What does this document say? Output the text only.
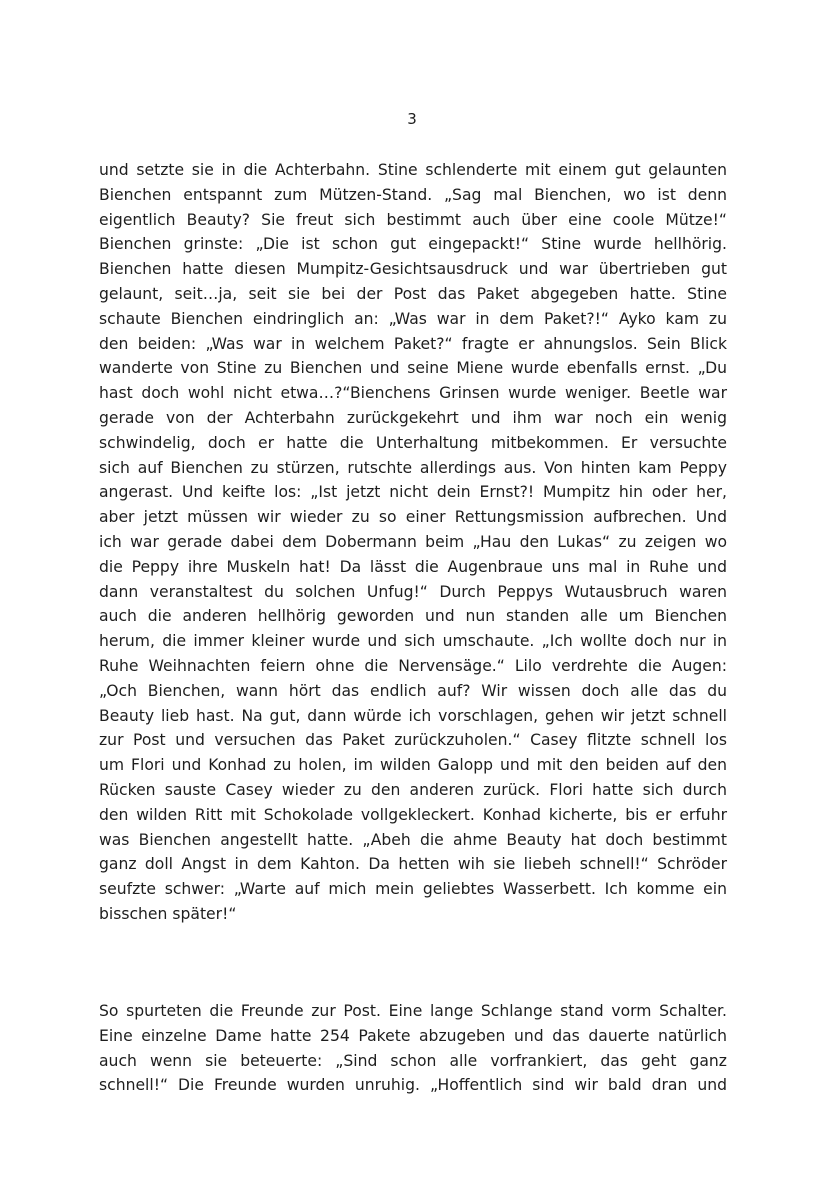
3
und setzte sie in die Achterbahn. Stine schlenderte mit einem gut gelaunten
Bienchen entspannt zum Mützen-Stand. „Sag mal Bienchen, wo ist denn
eigentlich Beauty? Sie freut sich bestimmt auch über eine coole Mütze!“
Bienchen grinste: „Die ist schon gut eingepackt!“ Stine wurde hellhörig.
Bienchen hatte diesen Mumpitz-Gesichtsausdruck und war übertrieben gut
gelaunt, seit…ja, seit sie bei der Post das Paket abgegeben hatte. Stine
schaute Bienchen eindringlich an: „Was war in dem Paket?!“ Ayko kam zu
den beiden: „Was war in welchem Paket?“ fragte er ahnungslos. Sein Blick
wanderte von Stine zu Bienchen und seine Miene wurde ebenfalls ernst. „Du
hast doch wohl nicht etwa…?“Bienchens Grinsen wurde weniger. Beetle war
gerade von der Achterbahn zurückgekehrt und ihm war noch ein wenig
schwindelig, doch er hatte die Unterhaltung mitbekommen. Er versuchte
sich auf Bienchen zu stürzen, rutschte allerdings aus. Von hinten kam Peppy
angerast. Und keifte los: „Ist jetzt nicht dein Ernst?! Mumpitz hin oder her,
aber jetzt müssen wir wieder zu so einer Rettungsmission aufbrechen. Und
ich war gerade dabei dem Dobermann beim „Hau den Lukas“ zu zeigen wo
die Peppy ihre Muskeln hat! Da lässt die Augenbraue uns mal in Ruhe und
dann veranstaltest du solchen Unfug!“ Durch Peppys Wutausbruch waren
auch die anderen hellhörig geworden und nun standen alle um Bienchen
herum, die immer kleiner wurde und sich umschaute. „Ich wollte doch nur in
Ruhe Weihnachten feiern ohne die Nervensäge.“ Lilo verdrehte die Augen:
„Och Bienchen, wann hört das endlich auf? Wir wissen doch alle das du
Beauty lieb hast. Na gut, dann würde ich vorschlagen, gehen wir jetzt schnell
zur Post und versuchen das Paket zurückzuholen.“ Casey flitzte schnell los
um Flori und Konhad zu holen, im wilden Galopp und mit den beiden auf den
Rücken sauste Casey wieder zu den anderen zurück. Flori hatte sich durch
den wilden Ritt mit Schokolade vollgekleckert. Konhad kicherte, bis er erfuhr
was Bienchen angestellt hatte. „Abeh die ahme Beauty hat doch bestimmt
ganz doll Angst in dem Kahton. Da hetten wih sie liebeh schnell!“ Schröder
seufzte schwer: „Warte auf mich mein geliebtes Wasserbett. Ich komme ein
bisschen später!“
So spurteten die Freunde zur Post. Eine lange Schlange stand vorm Schalter.
Eine einzelne Dame hatte 254 Pakete abzugeben und das dauerte natürlich
auch wenn sie beteuerte: „Sind schon alle vorfrankiert, das geht ganz
schnell!“ Die Freunde wurden unruhig. „Hoffentlich sind wir bald dran und
